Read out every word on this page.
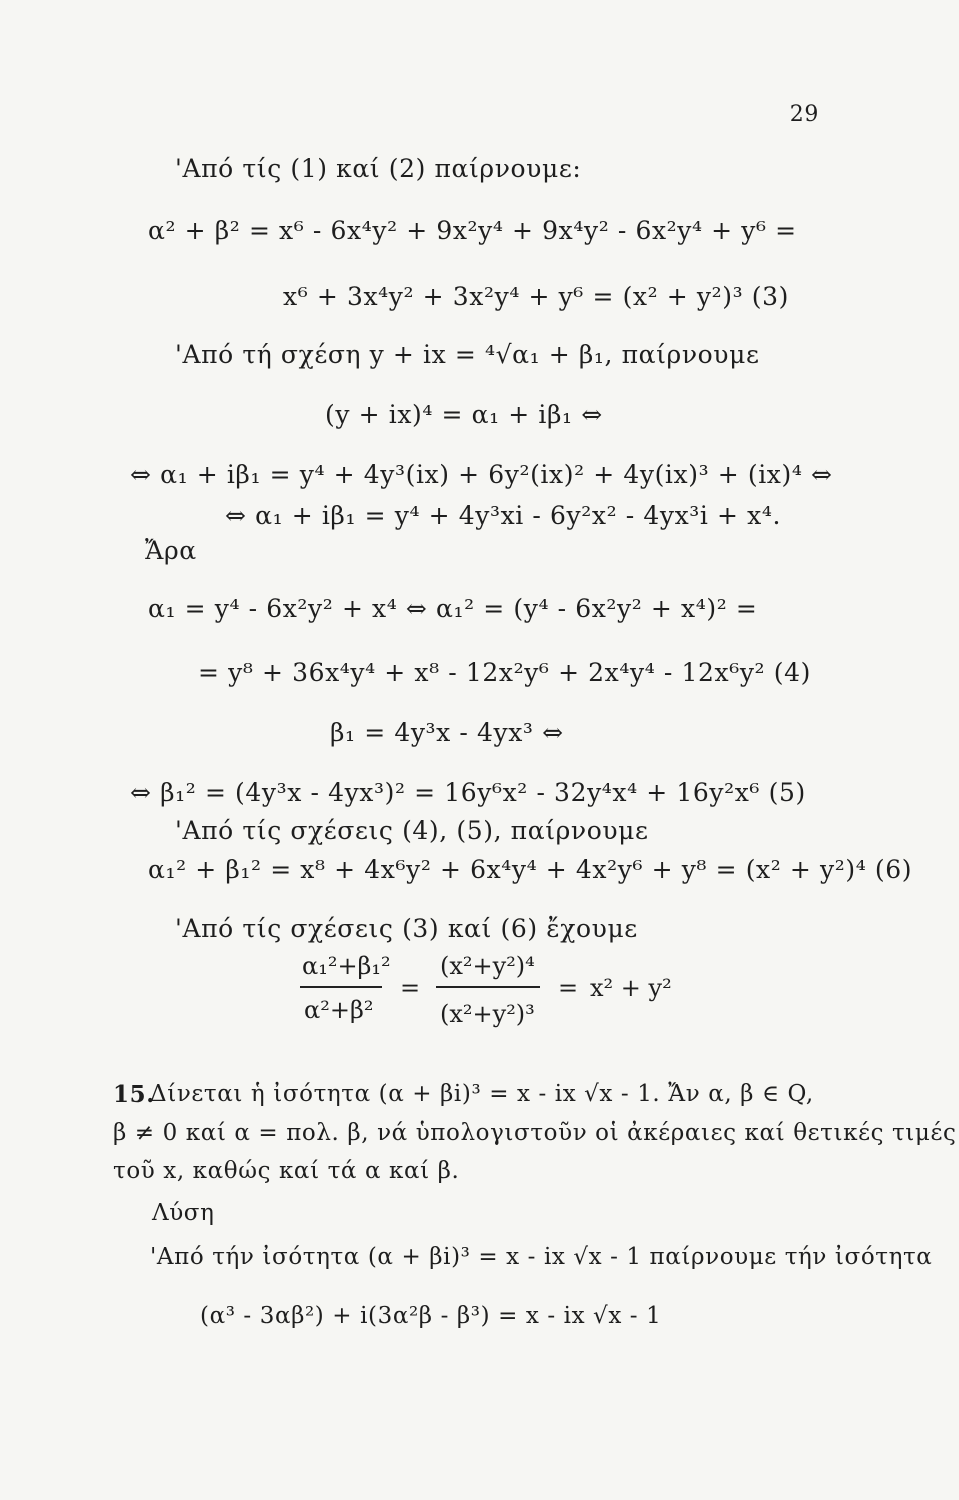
29
'Από τίς (1) καί (2) παίρνουμε:
α² + β² = x⁶ - 6x⁴y² + 9x²y⁴ + 9x⁴y² - 6x²y⁴ + y⁶ =
x⁶ + 3x⁴y² + 3x²y⁴ + y⁶ = (x² + y²)³ (3)
'Από τή σχέση y + ix = ⁴√α₁ + β₁, παίρνουμε
(y + ix)⁴ = α₁ + iβ₁ ⇔
⇔ α₁ + iβ₁ = y⁴ + 4y³(ix) + 6y²(ix)² + 4y(ix)³ + (ix)⁴ ⇔
⇔ α₁ + iβ₁ = y⁴ + 4y³xi - 6y²x² - 4yx³i + x⁴.
Ἄρα
α₁ = y⁴ - 6x²y² + x⁴ ⇔ α₁² = (y⁴ - 6x²y² + x⁴)² =
= y⁸ + 36x⁴y⁴ + x⁸ - 12x²y⁶ + 2x⁴y⁴ - 12x⁶y² (4)
β₁ = 4y³x - 4yx³ ⇔
⇔ β₁² = (4y³x - 4yx³)² = 16y⁶x² - 32y⁴x⁴ + 16y²x⁶ (5)
'Από τίς σχέσεις (4), (5), παίρνουμε
α₁² + β₁² = x⁸ + 4x⁶y² + 6x⁴y⁴ + 4x²y⁶ + y⁸ = (x² + y²)⁴ (6)
'Από τίς σχέσεις (3) καί (6) ἔχουμε
α₁²+β₁²
α²+β²
=
(x²+y²)⁴
(x²+y²)³
= x² + y²
15.
Δίνεται ἡ ἰσότητα (α + βi)³ = x - ix √x - 1. Ἄν α, β ∈ Q,
β ≠ 0 καί α = πολ. β, νά ὑπολογιστοῦν οἱ ἀκέραιες καί θετικές τιμές
τοῦ x, καθώς καί τά α καί β.
Λύση
'Από τήν ἰσότητα (α + βi)³ = x - ix √x - 1 παίρνουμε τήν ἰσότητα
(α³ - 3αβ²) + i(3α²β - β³) = x - ix √x - 1
